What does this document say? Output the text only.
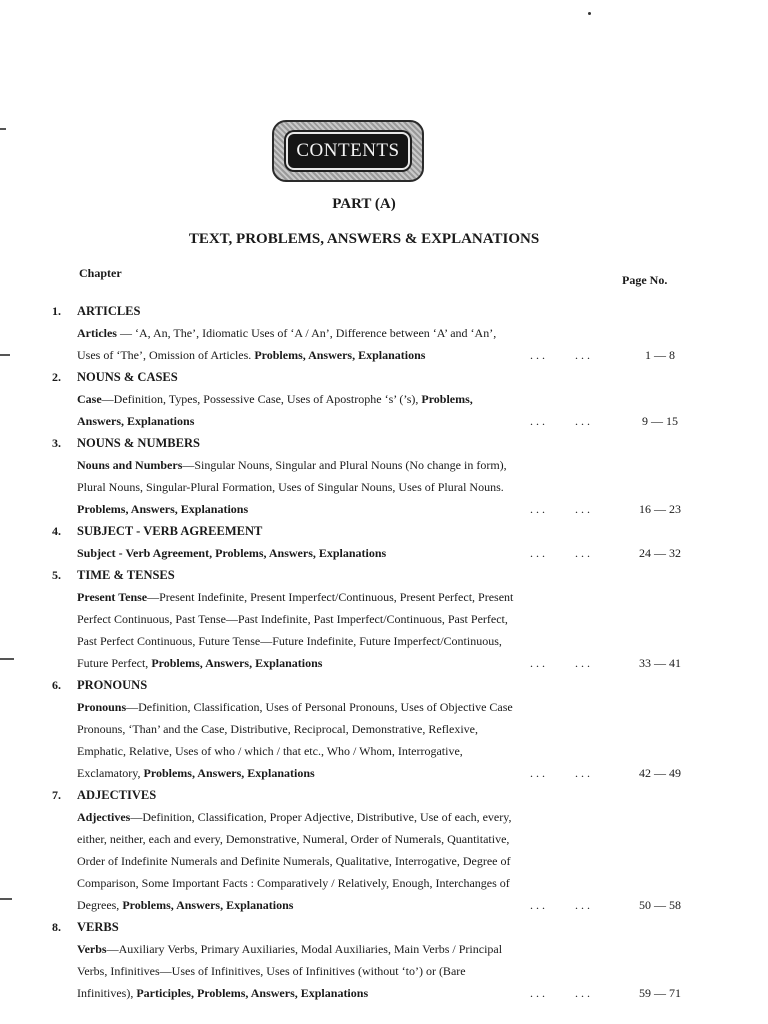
CONTENTS
PART (A)
TEXT, PROBLEMS, ANSWERS & EXPLANATIONS
Chapter	Page No.
1.	ARTICLES
Articles — ‘A, An, The’, Idiomatic Uses of ‘A / An’, Difference between ‘A’ and ‘An’, Uses of ‘The’, Omission of Articles. Problems, Answers, Explanations	... ...	1 — 8
2.	NOUNS & CASES
Case—Definition, Types, Possessive Case, Uses of Apostrophe ‘s’ (’s), Problems, Answers, Explanations	... ...	9 — 15
3.	NOUNS & NUMBERS
Nouns and Numbers—Singular Nouns, Singular and Plural Nouns (No change in form), Plural Nouns, Singular-Plural Formation, Uses of Singular Nouns, Uses of Plural Nouns. Problems, Answers, Explanations	... ...	16 — 23
4.	SUBJECT - VERB AGREEMENT
Subject - Verb Agreement, Problems, Answers, Explanations	... ...	24 — 32
5.	TIME & TENSES
Present Tense—Present Indefinite, Present Imperfect/Continuous, Present Perfect, Present Perfect Continuous, Past Tense—Past Indefinite, Past Imperfect/Continuous, Past Perfect, Past Perfect Continuous, Future Tense—Future Indefinite, Future Imperfect/Continuous, Future Perfect, Problems, Answers, Explanations	... ...	33 — 41
6.	PRONOUNS
Pronouns—Definition, Classification, Uses of Personal Pronouns, Uses of Objective Case Pronouns, ‘Than’ and the Case, Distributive, Reciprocal, Demonstrative, Reflexive, Emphatic, Relative, Uses of who / which / that etc., Who / Whom, Interrogative, Exclamatory, Problems, Answers, Explanations	... ...	42 — 49
7.	ADJECTIVES
Adjectives—Definition, Classification, Proper Adjective, Distributive, Use of each, every, either, neither, each and every, Demonstrative, Numeral, Order of Numerals, Quantitative, Order of Indefinite Numerals and Definite Numerals, Qualitative, Interrogative, Degree of Comparison, Some Important Facts : Comparatively / Relatively, Enough, Interchanges of Degrees, Problems, Answers, Explanations	... ...	50 — 58
8.	VERBS
Verbs—Auxiliary Verbs, Primary Auxiliaries, Modal Auxiliaries, Main Verbs / Principal Verbs, Infinitives—Uses of Infinitives, Uses of Infinitives (without ‘to’) or (Bare Infinitives), Participles, Problems, Answers, Explanations	... ...	59 — 71
